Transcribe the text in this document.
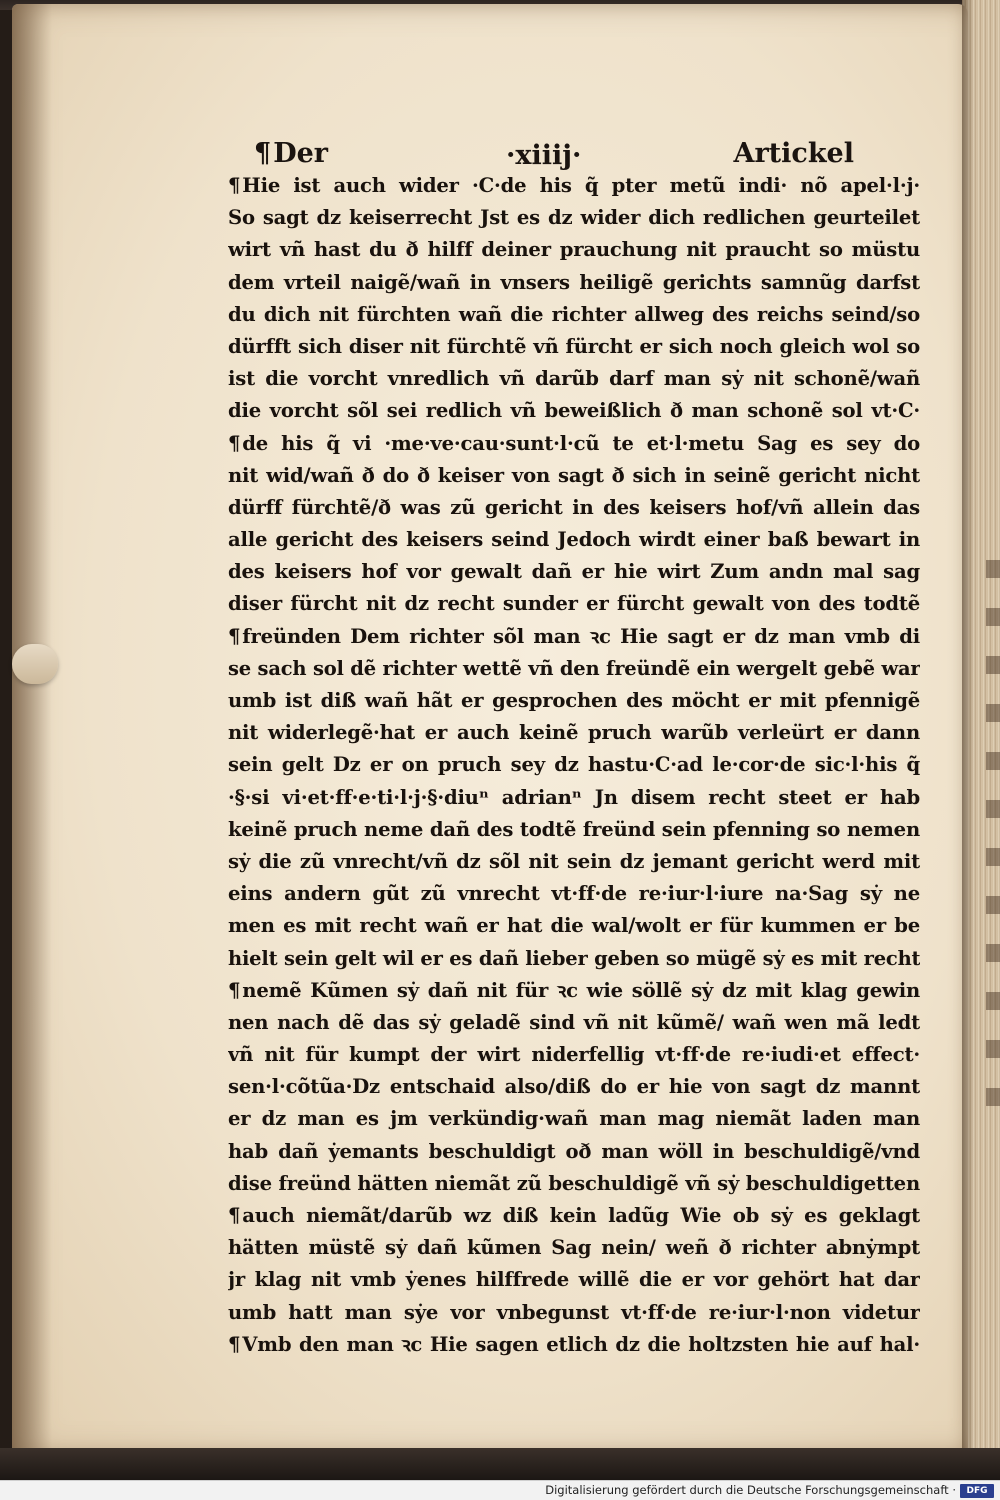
¶Der	·xiiij·	Artickel
¶ Hie ist auch wider ·C·de his q̃ pter metũ indi· nõ apel·l·j·
So sagt dz keiserrecht Jst es dz wider dich redlichen geurteilet
wirt vñ hast du ð hilff deiner prauchung nit praucht so müstu
dem vrteil naigẽ/wañ in vnsers heiligẽ gerichts samnũg darfst
du dich nit fürchten wañ die richter allweg des reichs seind/so
dürfft sich diser nit fürchtẽ vñ fürcht er sich noch gleich wol so
ist die vorcht vnredlich vñ darũb darf man sẏ nit schonẽ/wañ
die vorcht sõl sei redlich vñ beweißlich ð man schonẽ sol vt·C·
¶ de his q̃ vi ·me·ve·cau·sunt·l·cũ te et·l·metu Sag es sey do
nit wid/wañ ð do ð keiser von sagt ð sich in seinẽ gericht nicht
dürff fürchtẽ/ð was zũ gericht in des keisers hof/vñ allein das
alle gericht des keisers seind Jedoch wirdt einer baß bewart in
des keisers hof vor gewalt dañ er hie wirt Zum andn mal sag
diser fürcht nit dz recht sunder er fürcht gewalt von des todtẽ
¶ freünden Dem richter sõl man ꝛc Hie sagt er dz man vmb di
se sach sol dẽ richter wettẽ vñ den freündẽ ein wergelt gebẽ war
umb ist diß wañ hãt er gesprochen des möcht er mit pfennigẽ
nit widerlegẽ·hat er auch keinẽ pruch warũb verleürt er dann
sein gelt Dz er on pruch sey dz hastu·C·ad le·cor·de sic·l·his q̃
·§·si vi·et·ff·e·ti·l·j·§·diuⁿ adrianⁿ Jn disem recht steet er hab
keinẽ pruch neme dañ des todtẽ freünd sein pfenning so nemen
sẏ die zũ vnrecht/vñ dz sõl nit sein dz jemant gericht werd mit
eins andern gũt zũ vnrecht vt·ff·de re·iur·l·iure na·Sag sẏ ne
men es mit recht wañ er hat die wal/wolt er für kummen er be
hielt sein gelt wil er es dañ lieber geben so mügẽ sẏ es mit recht
¶ nemẽ Kũmen sẏ dañ nit für ꝛc wie söllẽ sẏ dz mit klag gewin
nen nach dẽ das sẏ geladẽ sind vñ nit kũmẽ/ wañ wen mã ledt
vñ nit für kumpt der wirt niderfellig vt·ff·de re·iudi·et effect·
sen·l·cõtũa·Dz entschaid also/diß do er hie von sagt dz mannt
er dz man es jm verkündig·wañ man mag niemãt laden man
hab dañ ẏemants beschuldigt oð man wöll in beschuldigẽ/vnd
dise freünd hätten niemãt zũ beschuldigẽ vñ sẏ beschuldigetten
¶ auch niemãt/darũb wz diß kein ladũg Wie ob sẏ es geklagt
hätten müstẽ sẏ dañ kũmen Sag nein/ weñ ð richter abnẏmpt
jr klag nit vmb ẏenes hilffrede willẽ die er vor gehört hat dar
umb hatt man sẏe vor vnbegunst vt·ff·de re·iur·l·non videtur
¶ Vmb den man ꝛc Hie sagen etlich dz die holtzsten hie auf hal·
Digitalisierung gefördert durch die Deutsche Forschungsgemeinschaft ·	DFG
